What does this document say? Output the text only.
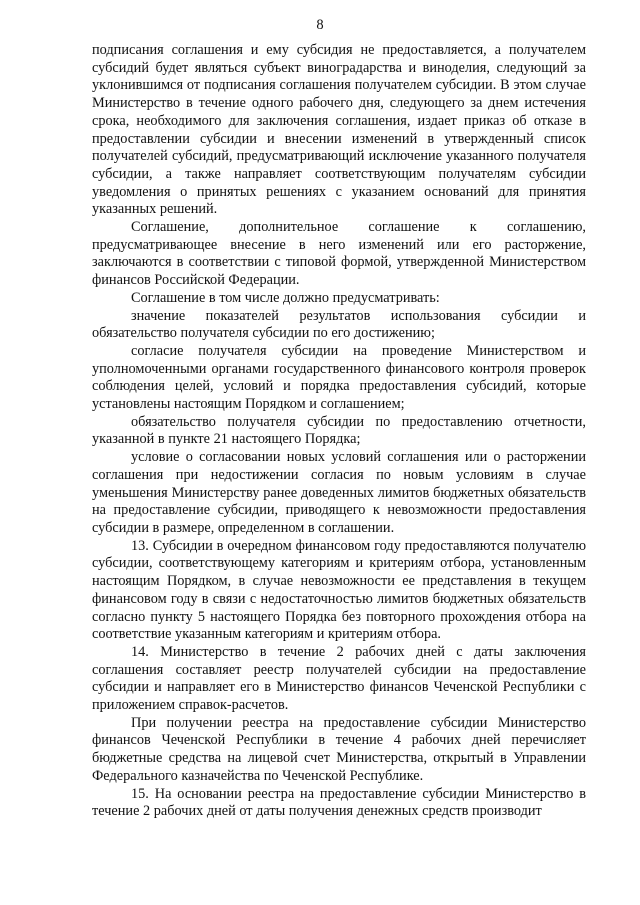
8

подписания соглашения и ему субсидия не предоставляется, а получателем субсидий будет являться субъект виноградарства и виноделия, следующий за уклонившимся от подписания соглашения получателем субсидии. В этом случае Министерство в течение одного рабочего дня, следующего за днем истечения срока, необходимого для заключения соглашения, издает приказ об отказе в предоставлении субсидии и внесении изменений в утвержденный список получателей субсидий, предусматривающий исключение указанного получателя субсидии, а также направляет соответствующим получателям субсидии уведомления о принятых решениях с указанием оснований для принятия указанных решений.

Соглашение, дополнительное соглашение к соглашению, предусматривающее внесение в него изменений или его расторжение, заключаются в соответствии с типовой формой, утвержденной Министерством финансов Российской Федерации.

Соглашение в том числе должно предусматривать:

значение показателей результатов использования субсидии и обязательство получателя субсидии по его достижению;

согласие получателя субсидии на проведение Министерством и уполномоченными органами государственного финансового контроля проверок соблюдения целей, условий и порядка предоставления субсидий, которые установлены настоящим Порядком и соглашением;

обязательство получателя субсидии по предоставлению отчетности, указанной в пункте 21 настоящего Порядка;

условие о согласовании новых условий соглашения или о расторжении соглашения при недостижении согласия по новым условиям в случае уменьшения Министерству ранее доведенных лимитов бюджетных обязательств на предоставление субсидии, приводящего к невозможности предоставления субсидии в размере, определенном в соглашении.

13. Субсидии в очередном финансовом году предоставляются получателю субсидии, соответствующему категориям и критериям отбора, установленным настоящим Порядком, в случае невозможности ее представления в текущем финансовом году в связи с недостаточностью лимитов бюджетных обязательств согласно пункту 5 настоящего Порядка без повторного прохождения отбора на соответствие указанным категориям и критериям отбора.

14. Министерство в течение 2 рабочих дней с даты заключения соглашения составляет реестр получателей субсидии на предоставление субсидии и направляет его в Министерство финансов Чеченской Республики с приложением справок-расчетов.

При получении реестра на предоставление субсидии Министерство финансов Чеченской Республики в течение 4 рабочих дней перечисляет бюджетные средства на лицевой счет Министерства, открытый в Управлении Федерального казначейства по Чеченской Республике.

15. На основании реестра на предоставление субсидии Министерство в течение 2 рабочих дней от даты получения денежных средств производит
